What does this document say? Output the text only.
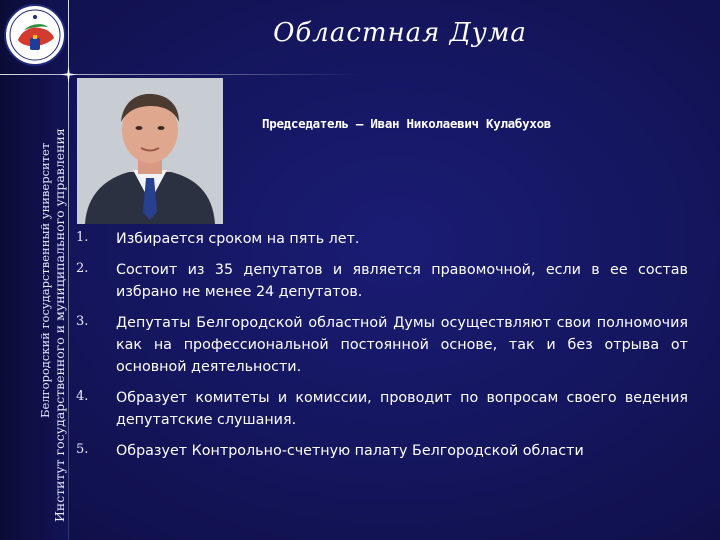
Белгородский государственный университет Институт государственного и муниципального управления
Областная Дума
Председатель – Иван Николаевич Кулабухов
1.	Избирается сроком на пять лет.
2.	Состоит из 35 депутатов и является правомочной, если в ее состав избрано не менее 24 депутатов.
3.	Депутаты Белгородской областной Думы осуществляют свои полномочия как на профессиональной постоянной основе, так и без отрыва от основной деятельности.
4.	Образует комитеты и комиссии, проводит по вопросам своего ведения депутатские слушания.
5.	Образует Контрольно-счетную палату Белгородской области
